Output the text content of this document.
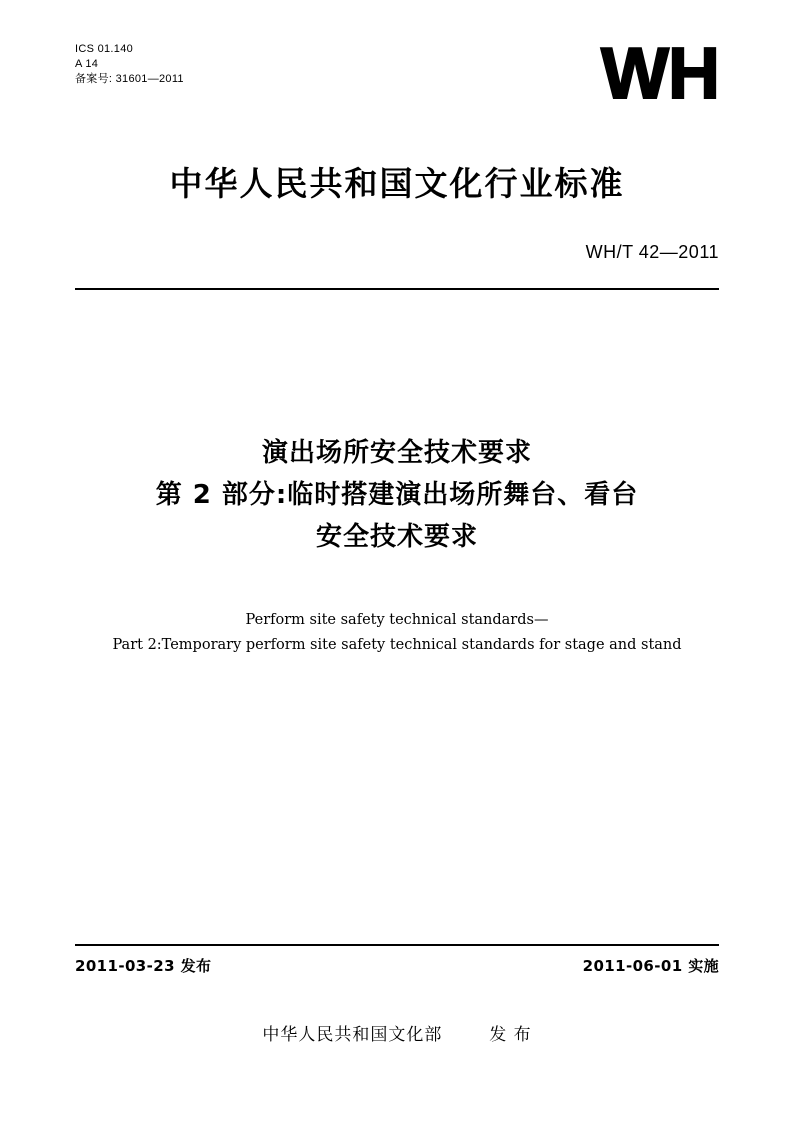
ICS 01.140
A 14
备案号: 31601—2011	WH
中华人民共和国文化行业标准
WH/T 42—2011
演出场所安全技术要求
第 2 部分:临时搭建演出场所舞台、看台
安全技术要求
Perform site safety technical standards—
Part 2:Temporary perform site safety technical standards for stage and stand
2011-03-23 发布	2011-06-01 实施
中华人民共和国文化部	发 布
